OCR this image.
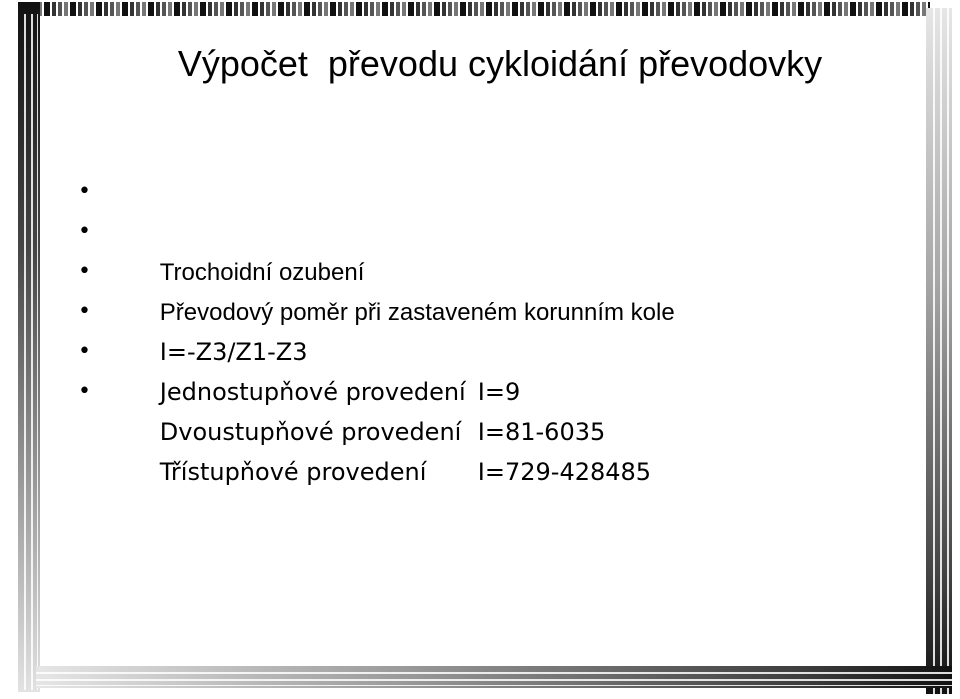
Výpočet  převodu cykloidání převodovky

•

Trochoidní ozubení

•

Převodový poměr při zastaveném korunním kole

•

I=-Z3/Z1-Z3

•

Jednostupňové provedení I=9

•

Dvoustupňové provedení I=81-6035

•

Třístupňové provedení I=729-428485
